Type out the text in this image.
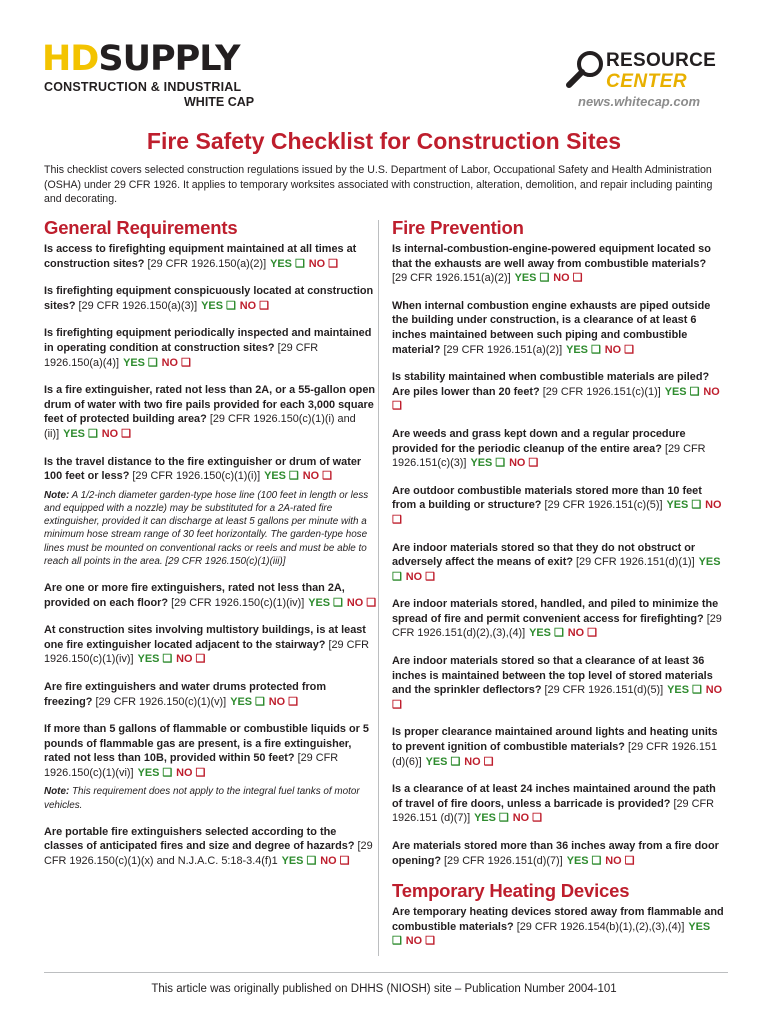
HDSUPPLY
CONSTRUCTION & INDUSTRIAL
WHITE CAP
RESOURCE
CENTER
news.whitecap.com
Fire Safety Checklist for Construction Sites
This checklist covers selected construction regulations issued by the U.S. Department of Labor, Occupational Safety and Health Administration (OSHA) under 29 CFR 1926. It applies to temporary worksites associated with construction, alteration, demolition, and repair including painting and decorating.
General Requirements

Is access to firefighting equipment maintained at all times at construction sites? [29 CFR 1926.150(a)(2)] YES ❑ NO ❑

Is firefighting equipment conspicuously located at construction sites? [29 CFR 1926.150(a)(3)] YES ❑ NO ❑

Is firefighting equipment periodically inspected and maintained in operating condition at construction sites? [29 CFR 1926.150(a)(4)] YES ❑ NO ❑

Is a fire extinguisher, rated not less than 2A, or a 55-gallon open drum of water with two fire pails provided for each 3,000 square feet of protected building area? [29 CFR 1926.150(c)(1)(i) and (ii)] YES ❑ NO ❑

Is the travel distance to the fire extinguisher or drum of water 100 feet or less? [29 CFR 1926.150(c)(1)(i)] YES ❑ NO ❑

Note: A 1/2-inch diameter garden-type hose line (100 feet in length or less and equipped with a nozzle) may be substituted for a 2A-rated fire extinguisher, provided it can discharge at least 5 gallons per minute with a minimum hose stream range of 30 feet horizontally. The garden-type hose lines must be mounted on conventional racks or reels and must be able to reach all points in the area. [29 CFR 1926.150(c)(1)(iii)]

Are one or more fire extinguishers, rated not less than 2A, provided on each floor? [29 CFR 1926.150(c)(1)(iv)] YES ❑ NO ❑

At construction sites involving multistory buildings, is at least one fire extinguisher located adjacent to the stairway? [29 CFR 1926.150(c)(1)(iv)] YES ❑ NO ❑

Are fire extinguishers and water drums protected from freezing? [29 CFR 1926.150(c)(1)(v)] YES ❑ NO ❑

If more than 5 gallons of flammable or combustible liquids or 5 pounds of flammable gas are present, is a fire extinguisher, rated not less than 10B, provided within 50 feet? [29 CFR 1926.150(c)(1)(vi)] YES ❑ NO ❑

Note: This requirement does not apply to the integral fuel tanks of motor vehicles.

Are portable fire extinguishers selected according to the classes of anticipated fires and size and degree of hazards? [29 CFR 1926.150(c)(1)(x) and N.J.A.C. 5:18-3.4(f)1 YES ❑ NO ❑

Fire Prevention

Is internal-combustion-engine-powered equipment located so that the exhausts are well away from combustible materials? [29 CFR 1926.151(a)(2)] YES ❑ NO ❑

When internal combustion engine exhausts are piped outside the building under construction, is a clearance of at least 6 inches maintained between such piping and combustible material? [29 CFR 1926.151(a)(2)] YES ❑ NO ❑

Is stability maintained when combustible materials are piled? Are piles lower than 20 feet? [29 CFR 1926.151(c)(1)] YES ❑ NO ❑

Are weeds and grass kept down and a regular procedure provided for the periodic cleanup of the entire area? [29 CFR 1926.151(c)(3)] YES ❑ NO ❑

Are outdoor combustible materials stored more than 10 feet from a building or structure? [29 CFR 1926.151(c)(5)] YES ❑ NO ❑

Are indoor materials stored so that they do not obstruct or adversely affect the means of exit? [29 CFR 1926.151(d)(1)] YES ❑ NO ❑

Are indoor materials stored, handled, and piled to minimize the spread of fire and permit convenient access for firefighting? [29 CFR 1926.151(d)(2),(3),(4)] YES ❑ NO ❑

Are indoor materials stored so that a clearance of at least 36 inches is maintained between the top level of stored materials and the sprinkler deflectors? [29 CFR 1926.151(d)(5)] YES ❑ NO ❑

Is proper clearance maintained around lights and heating units to prevent ignition of combustible materials? [29 CFR 1926.151 (d)(6)] YES ❑ NO ❑

Is a clearance of at least 24 inches maintained around the path of travel of fire doors, unless a barricade is provided? [29 CFR 1926.151 (d)(7)] YES ❑ NO ❑

Are materials stored more than 36 inches away from a fire door opening? [29 CFR 1926.151(d)(7)] YES ❑ NO ❑

Temporary Heating Devices

Are temporary heating devices stored away from flammable and combustible materials? [29 CFR 1926.154(b)(1),(2),(3),(4)] YES ❑ NO ❑

This article was originally published on DHHS (NIOSH) site – Publication Number 2004-101
